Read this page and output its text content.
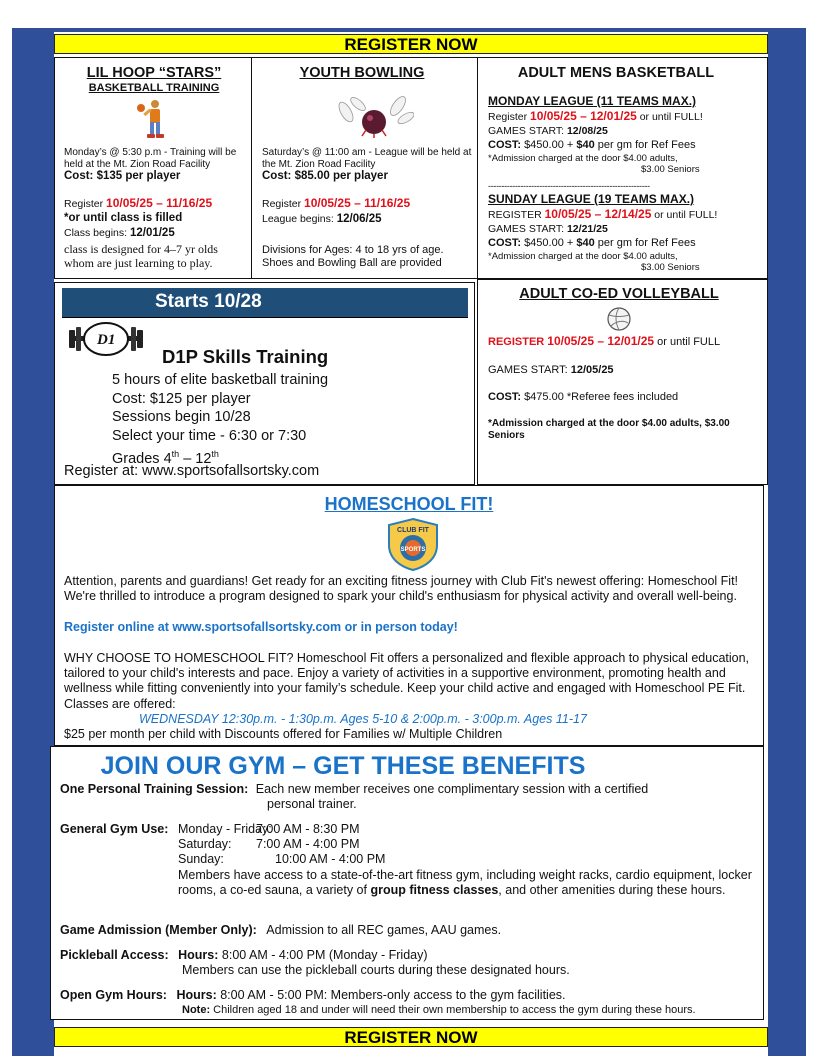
REGISTER NOW
LIL HOOP “STARS”
BASKETBALL TRAINING
Monday’s @ 5:30 p.m - Training will be held at the Mt. Zion Road Facility
Cost: $135 per player
Register 10/05/25 – 11/16/25
*or until class is filled
Class begins: 12/01/25
class is designed for 4–7 yr olds whom are just learning to play.
YOUTH BOWLING
Saturday’s @ 11:00 am - League will be held at the Mt. Zion Road Facility
Cost: $85.00 per player
Register 10/05/25 – 11/16/25
League begins: 12/06/25
Divisions for Ages: 4 to 18 yrs of age.
Shoes and Bowling Ball are provided
ADULT MENS BASKETBALL
MONDAY LEAGUE (11 TEAMS MAX.)
Register 10/05/25 – 12/01/25 or until FULL!
GAMES START: 12/08/25
COST: $450.00 + $40 per gm for Ref Fees
*Admission charged at the door $4.00 adults,
$3.00 Seniors
------------------------------------------------------------
SUNDAY LEAGUE (19 TEAMS MAX.)
REGISTER 10/05/25 – 12/14/25 or until FULL!
GAMES START: 12/21/25
COST: $450.00 + $40 per gm for Ref Fees
*Admission charged at the door $4.00 adults,
$3.00 Seniors
Starts 10/28
D1
D1P Skills Training
5 hours of elite basketball training
Cost: $125 per player
Sessions begin 10/28
Select your time - 6:30 or 7:30
Grades 4th – 12th
Register at: www.sportsofallsortsky.com
ADULT CO-ED VOLLEYBALL
REGISTER 10/05/25 – 12/01/25 or until FULL
GAMES START: 12/05/25
COST: $475.00 *Referee fees included
*Admission charged at the door $4.00 adults, $3.00 Seniors
HOMESCHOOL FIT!
CLUB FIT
SPORTS
Attention, parents and guardians! Get ready for an exciting fitness journey with Club Fit's newest offering: Homeschool Fit! We're thrilled to introduce a program designed to spark your child's enthusiasm for physical activity and overall well-being.
Register online at www.sportsofallsortsky.com or in person today!
WHY CHOOSE TO HOMESCHOOL FIT? Homeschool Fit offers a personalized and flexible approach to physical education, tailored to your child's interests and pace. Enjoy a variety of activities in a supportive environment, promoting health and wellness while fitting conveniently into your family’s schedule. Keep your child active and engaged with Homeschool PE Fit. Classes are offered:
WEDNESDAY 12:30p.m. - 1:30p.m. Ages 5-10 & 2:00p.m. - 3:00p.m. Ages 11-17
$25 per month per child with Discounts offered for Families w/ Multiple Children
JOIN OUR GYM – GET THESE BENEFITS
One Personal Training Session: Each new member receives one complimentary session with a certified
personal trainer.
General Gym Use: Monday - Friday:
7:00 AM - 8:30 PM
Saturday: 7:00 AM - 4:00 PM
Sunday:	10:00 AM - 4:00 PM
Members have access to a state-of-the-art fitness gym, including weight racks, cardio equipment, locker rooms, a co-ed sauna, a variety of group fitness classes, and other amenities during these hours.
Game Admission (Member Only): Admission to all REC games, AAU games.
Pickleball Access: Hours: 8:00 AM - 4:00 PM (Monday - Friday)
Members can use the pickleball courts during these designated hours.
Open Gym Hours: Hours: 8:00 AM - 5:00 PM: Members-only access to the gym facilities.
Note: Children aged 18 and under will need their own membership to access the gym during these hours.
REGISTER NOW
